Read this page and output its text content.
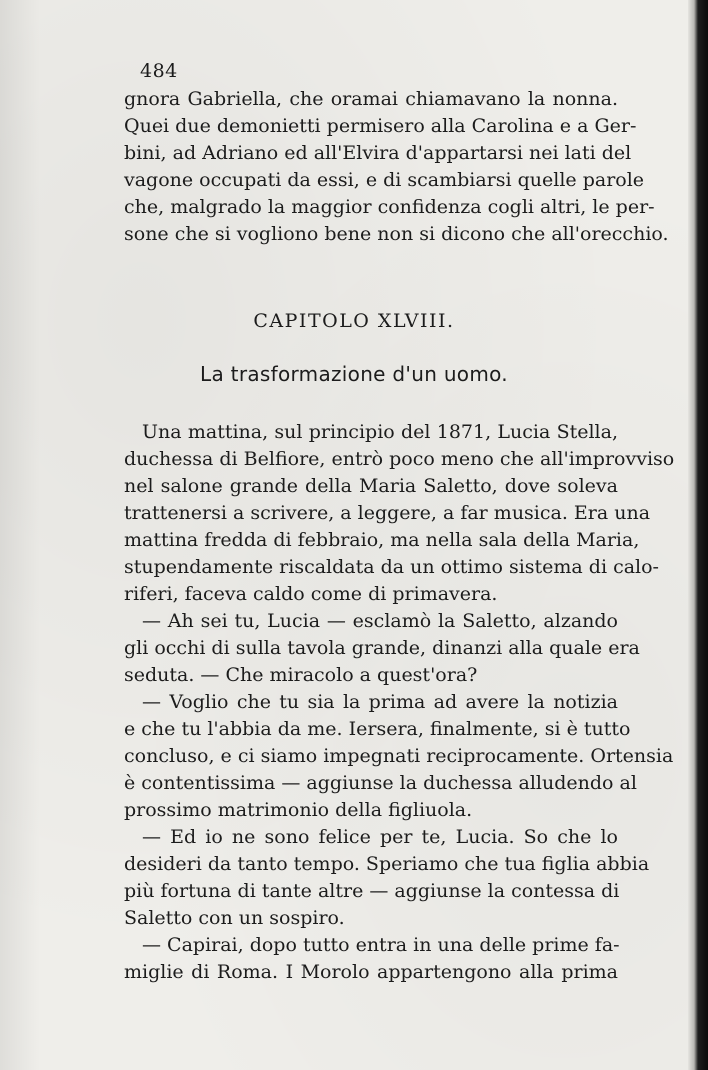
484
gnora Gabriella, che oramai chiamavano la nonna.
Quei due demonietti permisero alla Carolina e a Ger-
bini, ad Adriano ed all'Elvira d'appartarsi nei lati del
vagone occupati da essi, e di scambiarsi quelle parole
che, malgrado la maggior confidenza cogli altri, le per-
sone che si vogliono bene non si dicono che all'orecchio.
CAPITOLO XLVIII.
La trasformazione d'un uomo.
Una mattina, sul principio del 1871, Lucia Stella,
duchessa di Belfiore, entrò poco meno che all'improvviso
nel salone grande della Maria Saletto, dove soleva
trattenersi a scrivere, a leggere, a far musica. Era una
mattina fredda di febbraio, ma nella sala della Maria,
stupendamente riscaldata da un ottimo sistema di calo-
riferi, faceva caldo come di primavera.
— Ah sei tu, Lucia — esclamò la Saletto, alzando
gli occhi di sulla tavola grande, dinanzi alla quale era
seduta. — Che miracolo a quest'ora?
— Voglio che tu sia la prima ad avere la notizia
e che tu l'abbia da me. Iersera, finalmente, si è tutto
concluso, e ci siamo impegnati reciprocamente. Ortensia
è contentissima — aggiunse la duchessa alludendo al
prossimo matrimonio della figliuola.
— Ed io ne sono felice per te, Lucia. So che lo
desideri da tanto tempo. Speriamo che tua figlia abbia
più fortuna di tante altre — aggiunse la contessa di
Saletto con un sospiro.
— Capirai, dopo tutto entra in una delle prime fa-
miglie di Roma. I Morolo appartengono alla prima
